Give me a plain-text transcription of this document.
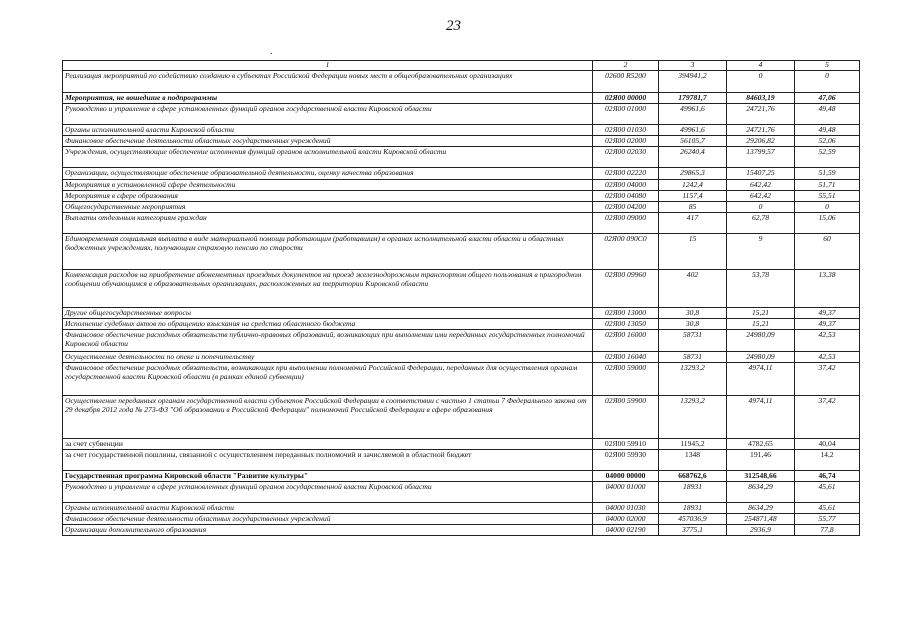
23
.
1	2	3	4	5
Реализация мероприятий по содействию созданию в субъектах Российской Федерации новых мест в общеобразовательных организациях	02600 R5200	394941,2	0	0
Мероприятия, не вошедшие в подпрограммы	02Я00 00000	179781,7	84603,19	47,06
Руководство и управление в сфере установленных функций органов государственной власти Кировской области	02Я00 01000	49961,6	24721,76	49,48
Органы исполнительной власти Кировской области	02Я00 01030	49961,6	24721,76	49,48
Финансовое обеспечение деятельности областных государственных учреждений	02Я00 02000	56105,7	29206,82	52,06
Учреждения, осуществляющие обеспечение исполнения функций органов исполнительной власти Кировской области	02Я00 02030	26240,4	13799,57	52,59
Организации, осуществляющие обеспечение образовательной деятельности, оценку качества образования	02Я00 02220	29865,3	15407,25	51,59
Мероприятия в установленной сфере деятельности	02Я00 04000	1242,4	642,42	51,71
Мероприятия в сфере образования	02Я00 04080	1157,4	642,42	55,51
Общегосударственные мероприятия	02Я00 04200	85	0	0
Выплаты отдельным категориям граждан	02Я00 09000	417	62,78	15,06
Единовременная социальная выплата в виде материальной помощи работающим (работавшим) в органах исполнительной власти области и областных бюджетных учреждениях, получающим страховую пенсию по старости	02Я00 090С0	15	9	60
Компенсация расходов на приобретение абонементных проездных документов на проезд железнодорожным транспортом общего пользования в пригородном сообщении обучающимся в образовательных организациях, расположенных на территории Кировской области	02Я00 09960	402	53,78	13,38
Другие общегосударственные вопросы	02Я00 13000	30,8	15,21	49,37
Исполнение судебных актов по обращению взыскания на средства областного бюджета	02Я00 13050	30,8	15,21	49,37
Финансовое обеспечение расходных обязательств публично-правовых образований, возникающих при выполнении ими переданных государственных полномочий Кировской области	02Я00 16000	58731	24980,09	42,53
Осуществление деятельности по опеке и попечительству	02Я00 16040	58731	24980,09	42,53
Финансовое обеспечение расходных обязательств, возникающих при выполнении полномочий Российской Федерации, переданных для осуществления органам государственной власти Кировской области (в рамках единой субвенции)	02Я00 59000	13293,2	4974,11	37,42
Осуществление переданных органам государственной власти субъектов Российской Федерации в соответствии с частью 1 статьи 7 Федерального закона от 29 декабря 2012 года № 273-ФЗ "Об образовании в Российской Федерации" полномочий Российской Федерации в сфере образования	02Я00 59900	13293,2	4974,11	37,42
за счет субвенции	02Я00 59910	11945,2	4782,65	40,04
за счет государственной пошлины, связанной с осуществлением переданных полномочий и зачисляемой в областной бюджет	02Я00 59930	1348	191,46	14,2
Государственная программа Кировской области "Развитие культуры"	04000 00000	668762,6	312548,66	46,74
Руководство и управление в сфере установленных функций органов государственной власти Кировской области	04000 01000	18931	8634,29	45,61
Органы исполнительной власти Кировской области	04000 01030	18931	8634,29	45,61
Финансовое обеспечение деятельности областных государственных учреждений	04000 02000	457036,9	254871,48	55,77
Организации дополнительного образования	04000 02190	3775,1	2936,9	77,8
